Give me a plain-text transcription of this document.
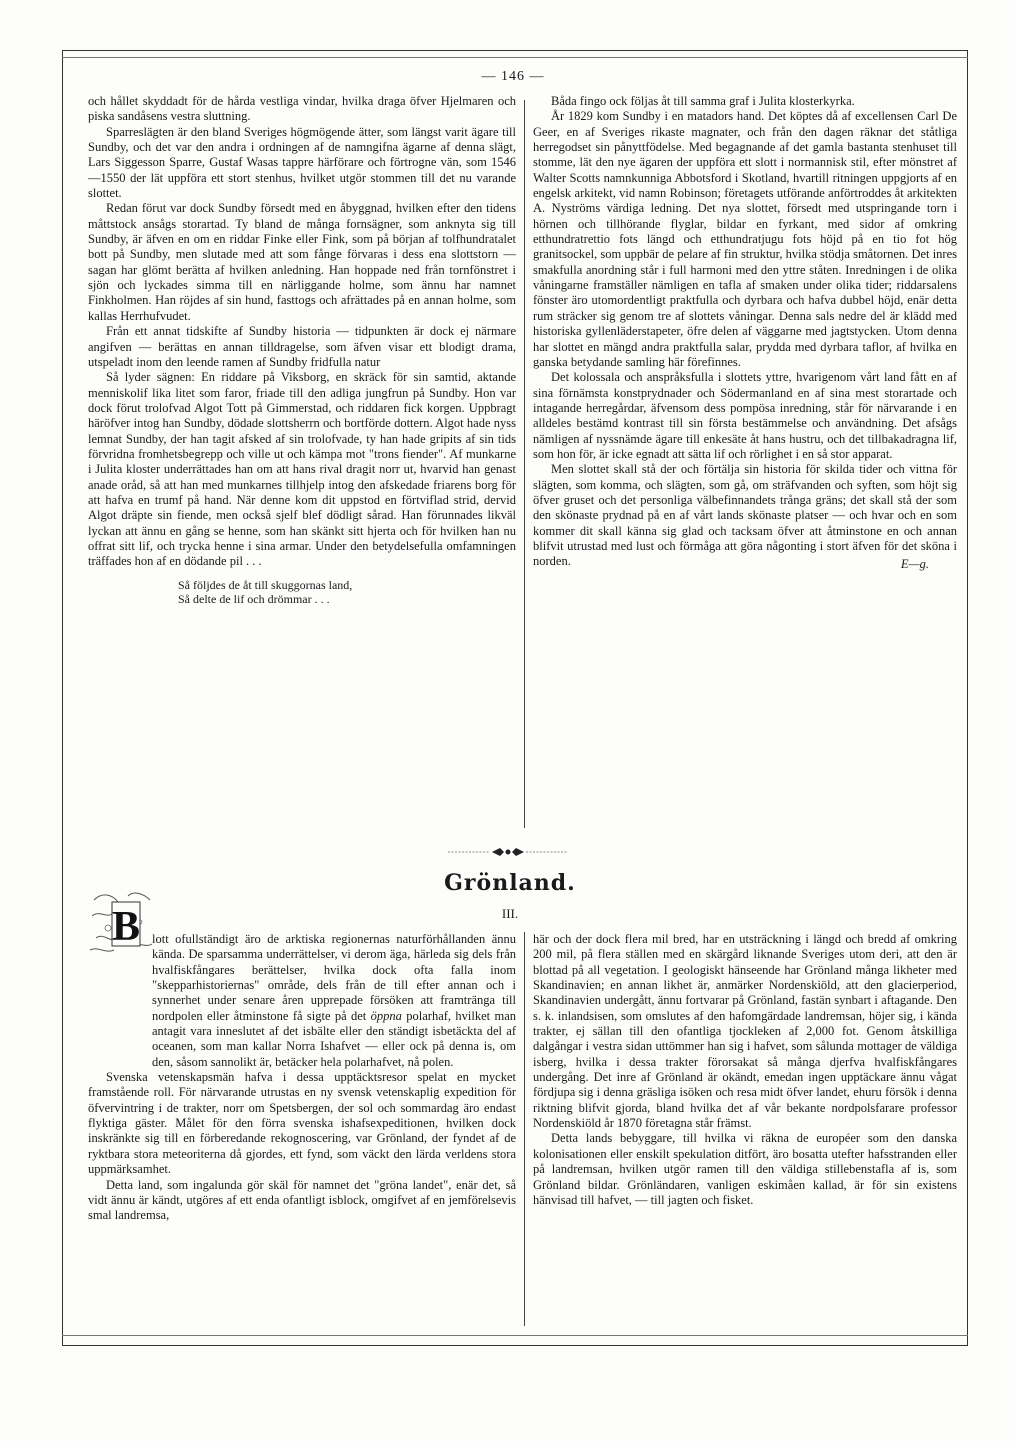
— 146 —

och hållet skyddadt för de hårda vestliga vindar, hvilka draga öfver Hjelmaren och piska sandåsens vestra sluttning.

Sparreslägten är den bland Sveriges högmögende ätter, som längst varit ägare till Sundby, och det var den andra i ordningen af de namngifna ägarne af denna slägt, Lars Siggesson Sparre, Gustaf Wasas tappre härförare och förtrogne vän, som 1546—1550 der lät uppföra ett stort stenhus, hvilket utgör stommen till det nu varande slottet.

Redan förut var dock Sundby försedt med en åbyggnad, hvilken efter den tidens måttstock ansågs storartad. Ty bland de många fornsägner, som anknyta sig till Sundby, är äfven en om en riddar Finke eller Fink, som på början af tolfhundratalet bott på Sundby, men slutade med att som fånge förvaras i dess ena slottstorn — sagan har glömt berätta af hvilken anledning. Han hoppade ned från tornfönstret i sjön och lyckades simma till en närliggande holme, som ännu har namnet Finkholmen. Han röjdes af sin hund, fasttogs och afrättades på en annan holme, som kallas Herrhufvudet.

Från ett annat tidskifte af Sundby historia — tidpunkten är dock ej närmare angifven — berättas en annan tilldragelse, som äfven visar ett blodigt drama, utspeladt inom den leende ramen af Sundby fridfulla natur

Så lyder sägnen: En riddare på Viksborg, en skräck för sin samtid, aktande menniskolif lika litet som faror, friade till den adliga jungfrun på Sundby. Hon var dock förut trolofvad Algot Tott på Gimmerstad, och riddaren fick korgen. Uppbragt häröfver intog han Sundby, dödade slottsherrn och bortförde dottern. Algot hade nyss lemnat Sundby, der han tagit afsked af sin trolofvade, ty han hade gripits af sin tids förvridna fromhetsbegrepp och ville ut och kämpa mot "trons fiender". Af munkarne i Julita kloster underrättades han om att hans rival dragit norr ut, hvarvid han genast anade oråd, så att han med munkarnes tillhjelp intog den afskedade friarens borg för att hafva en trumf på hand. När denne kom dit uppstod en förtviflad strid, dervid Algot dräpte sin fiende, men också sjelf blef dödligt sårad. Han förunnades likväl lyckan att ännu en gång se henne, som han skänkt sitt hjerta och för hvilken han nu offrat sitt lif, och trycka henne i sina armar. Under den betydelsefulla omfamningen träffades hon af en dödande pil . . .

Så följdes de åt till skuggornas land,
Så delte de lif och drömmar . . .

Båda fingo ock följas åt till samma graf i Julita klosterkyrka.

År 1829 kom Sundby i en matadors hand. Det köptes då af excellensen Carl De Geer, en af Sveriges rikaste magnater, och från den dagen räknar det ståtliga herregodset sin pånyttfödelse. Med begagnande af det gamla bastanta stenhuset till stomme, lät den nye ägaren der uppföra ett slott i normannisk stil, efter mönstret af Walter Scotts namnkunniga Abbotsford i Skotland, hvartill ritningen uppgjorts af en engelsk arkitekt, vid namn Robinson; företagets utförande anförtroddes åt arkitekten A. Nyströms värdiga ledning. Det nya slottet, försedt med utspringande torn i hörnen och tillhörande flyglar, bildar en fyrkant, med sidor af omkring etthundratrettio fots längd och etthundratjugu fots höjd på en tio fot hög granitsockel, som uppbär de pelare af fin struktur, hvilka stödja småtornen. Det inres smakfulla anordning står i full harmoni med den yttre ståten. Inredningen i de olika våningarne framställer nämligen en tafla af smaken under olika tider; riddarsalens fönster äro utomordentligt praktfulla och dyrbara och hafva dubbel höjd, enär detta rum sträcker sig genom tre af slottets våningar. Denna sals nedre del är klädd med historiska gyllenläderstapeter, öfre delen af väggarne med jagtstycken. Utom denna har slottet en mängd andra praktfulla salar, prydda med dyrbara taflor, af hvilka en ganska betydande samling här förefinnes.

Det kolossala och anspråksfulla i slottets yttre, hvarigenom vårt land fått en af sina förnämsta konstprydnader och Södermanland en af sina mest storartade och intagande herregårdar, äfvensom dess pompösa inredning, står för närvarande i en alldeles bestämd kontrast till sin första bestämmelse och användning. Det afsågs nämligen af nyssnämde ägare till enkesäte åt hans hustru, och det tillbakadragna lif, som hon för, är icke egnadt att sätta lif och rörlighet i en så stor apparat.

Men slottet skall stå der och förtälja sin historia för skilda tider och vittna för slägten, som komma, och slägten, som gå, om sträfvanden och syften, som höjt sig öfver gruset och det personliga välbefinnandets trånga gräns; det skall stå der som den skönaste prydnad på en af vårt lands skönaste platser — och hvar och en som kommer dit skall känna sig glad och tacksam öfver att åtminstone en och annan blifvit utrustad med lust och förmåga att göra någonting i stort äfven för det sköna i norden.	E—g.
Grönland.
III.
B lott ofullständigt äro de arktiska regionernas naturförhållanden ännu kända. De sparsamma underrättelser, vi derom äga, härleda sig dels från hvalfiskfångares berättelser, hvilka dock ofta falla inom "skepparhistoriernas" område, dels från de till efter annan och i synnerhet under senare åren upprepade försöken att framtränga till nordpolen eller åtminstone få sigte på det öppna polarhaf, hvilket man antagit vara inneslutet af det isbälte eller den ständigt isbetäckta del af oceanen, som man kallar Norra Ishafvet — eller ock på denna is, om den, såsom sannolikt är, betäcker hela polarhafvet, nå polen.

Svenska vetenskapsmän hafva i dessa upptäcktsresor spelat en mycket framstående roll. För närvarande utrustas en ny svensk vetenskaplig expedition för öfvervintring i de trakter, norr om Spetsbergen, der sol och sommardag äro endast flyktiga gäster. Målet för den förra svenska ishafsexpeditionen, hvilken dock inskränkte sig till en förberedande rekognoscering, var Grönland, der fyndet af de ryktbara stora meteoriterna då gjordes, ett fynd, som väckt den lärda verldens stora uppmärksamhet.

Detta land, som ingalunda gör skäl för namnet det "gröna landet", enär det, så vidt ännu är kändt, utgöres af ett enda ofantligt isblock, omgifvet af en jemförelsevis smal landremsa,

här och der dock flera mil bred, har en utsträckning i längd och bredd af omkring 200 mil, på flera ställen med en skärgård liknande Sveriges utom deri, att den är blottad på all vegetation. I geologiskt hänseende har Grönland många likheter med Skandinavien; en annan likhet är, anmärker Nordenskiöld, att den glacierperiod, Skandinavien undergått, ännu fortvarar på Grönland, fastän synbart i aftagande. Den s. k. inlandsisen, som omslutes af den hafomgärdade landremsan, höjer sig, i kända trakter, ej sällan till den ofantliga tjockleken af 2,000 fot. Genom åtskilliga dalgångar i vestra sidan uttömmer han sig i hafvet, som sålunda mottager de väldiga isberg, hvilka i dessa trakter förorsakat så många djerfva hvalfiskfångares undergång. Det inre af Grönland är okändt, emedan ingen upptäckare ännu vågat fördjupa sig i denna gräsliga isöken och resa midt öfver landet, ehuru försök i denna riktning blifvit gjorda, bland hvilka det af vår bekante nordpolsfarare professor Nordenskiöld år 1870 företagna står främst.

Detta lands bebyggare, till hvilka vi räkna de européer som den danska kolonisationen eller enskilt spekulation ditfört, äro bosatta utefter hafsstranden eller på landremsan, hvilken utgör ramen till den väldiga stillebenstafla af is, som Grönland bildar. Grönländaren, vanligen eskimåen kallad, är för sin existens hänvisad till hafvet, — till jagten och fisket.
